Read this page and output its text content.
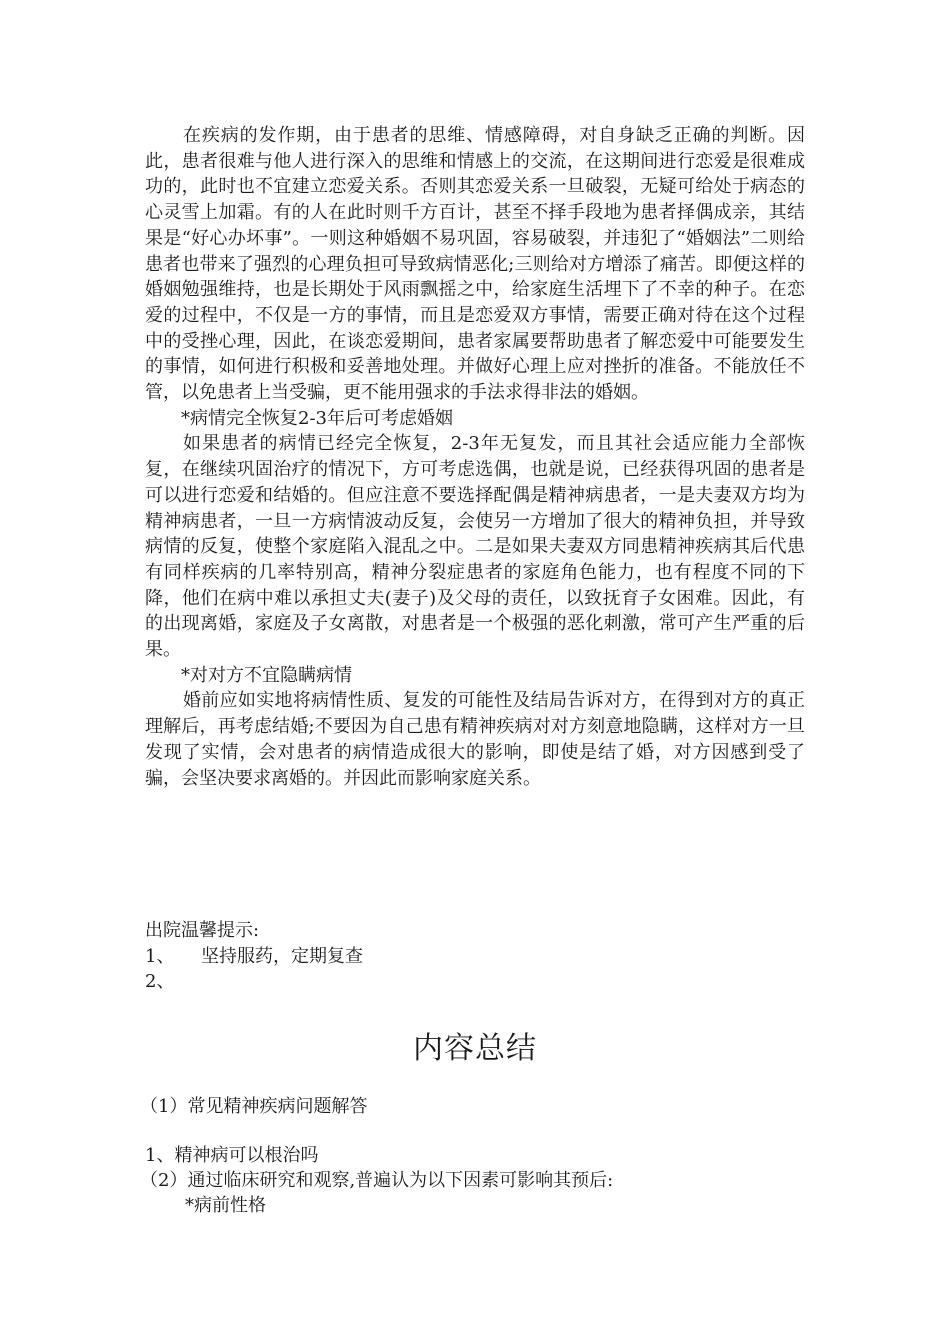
在疾病的发作期，由于患者的思维、情感障碍，对自身缺乏正确的判断。因此，患者很难与他人进行深入的思维和情感上的交流，在这期间进行恋爱是很难成功的，此时也不宜建立恋爱关系。否则其恋爱关系一旦破裂，无疑可给处于病态的心灵雪上加霜。有的人在此时则千方百计，甚至不择手段地为患者择偶成亲，其结果是“好心办坏事”。一则这种婚姻不易巩固，容易破裂，并违犯了“婚姻法”二则给患者也带来了强烈的心理负担可导致病情恶化;三则给对方增添了痛苦。即便这样的婚姻勉强维持，也是长期处于风雨飘摇之中，给家庭生活埋下了不幸的种子。在恋爱的过程中，不仅是一方的事情，而且是恋爱双方事情，需要正确对待在这个过程中的受挫心理，因此，在谈恋爱期间，患者家属要帮助患者了解恋爱中可能要发生的事情，如何进行积极和妥善地处理。并做好心理上应对挫折的准备。不能放任不管，以免患者上当受骗，更不能用强求的手法求得非法的婚姻。

*病情完全恢复2-3年后可考虑婚姻

如果患者的病情已经完全恢复，2-3年无复发，而且其社会适应能力全部恢复，在继续巩固治疗的情况下，方可考虑选偶，也就是说，已经获得巩固的患者是可以进行恋爱和结婚的。但应注意不要选择配偶是精神病患者，一是夫妻双方均为精神病患者，一旦一方病情波动反复，会使另一方增加了很大的精神负担，并导致病情的反复，使整个家庭陷入混乱之中。二是如果夫妻双方同患精神疾病其后代患有同样疾病的几率特别高，精神分裂症患者的家庭角色能力，也有程度不同的下降，他们在病中难以承担丈夫(妻子)及父母的责任，以致抚育子女困难。因此，有的出现离婚，家庭及子女离散，对患者是一个极强的恶化刺激，常可产生严重的后果。

*对对方不宜隐瞒病情

婚前应如实地将病情性质、复发的可能性及结局告诉对方，在得到对方的真正理解后，再考虑结婚;不要因为自己患有精神疾病对对方刻意地隐瞒，这样对方一旦发现了实情，会对患者的病情造成很大的影响，即使是结了婚，对方因感到受了骗，会坚决要求离婚的。并因此而影响家庭关系。

出院温馨提示:
1、	坚持服药，定期复查
2、
内容总结
（1）常见精神疾病问题解答
1、精神病可以根治吗
（2）通过临床研究和观察,普遍认为以下因素可影响其预后:
*病前性格
